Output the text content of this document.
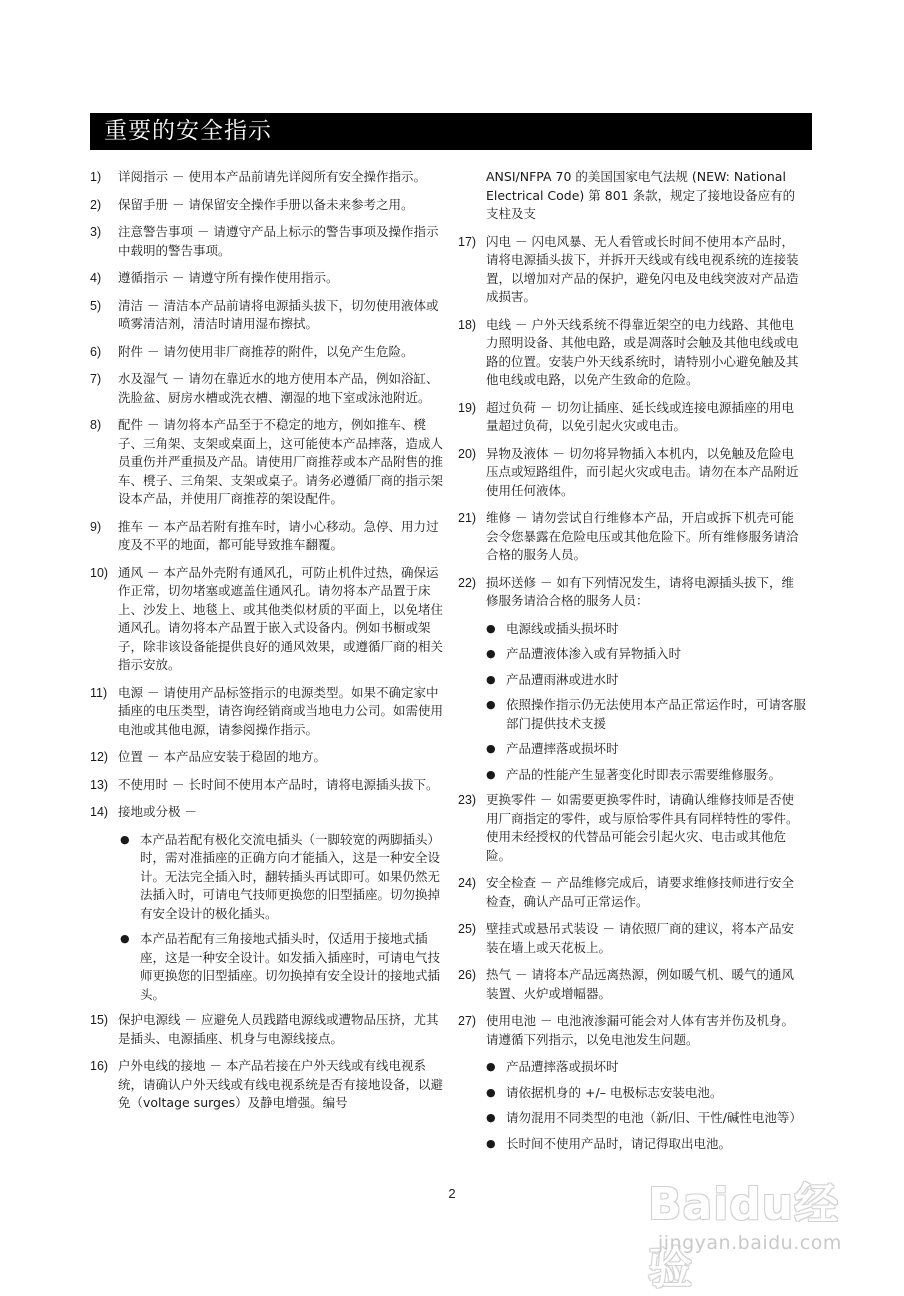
重要的安全指示
1)	详阅指示 － 使用本产品前请先详阅所有安全操作指示。
2)	保留手册 － 请保留安全操作手册以备未来参考之用。
3)	注意警告事项 － 请遵守产品上标示的警告事项及操作指示中载明的警告事项。
4)	遵循指示 － 请遵守所有操作使用指示。
5)	清洁 － 清洁本产品前请将电源插头拔下，切勿使用液体或喷雾清洁剂，清洁时请用湿布擦拭。
6)	附件 － 请勿使用非厂商推荐的附件，以免产生危险。
7)	水及湿气 － 请勿在靠近水的地方使用本产品，例如浴缸、洗脸盆、厨房水槽或洗衣槽、潮湿的地下室或泳池附近。
8)	配件 － 请勿将本产品至于不稳定的地方，例如推车、櫈子、三角架、支架或桌面上，这可能使本产品摔落，造成人员重伤并严重损及产品。请使用厂商推荐或本产品附售的推车、櫈子、三角架、支架或桌子。请务必遵循厂商的指示架设本产品，并使用厂商推荐的架设配件。
9)	推车 － 本产品若附有推车时，请小心移动。急停、用力过度及不平的地面，都可能导致推车翻覆。
10) 通风 － 本产品外壳附有通风孔，可防止机件过热，确保运作正常，切勿堵塞或遮盖住通风孔。请勿将本产品置于床上、沙发上、地毯上、或其他类似材质的平面上，以免堵住通风孔。请勿将本产品置于嵌入式设备内。例如书橱或架子，除非该设备能提供良好的通风效果，或遵循厂商的相关指示安放。
11) 电源 － 请使用产品标签指示的电源类型。如果不确定家中插座的电压类型，请咨询经销商或当地电力公司。如需使用电池或其他电源，请参阅操作指示。
12) 位置 － 本产品应安装于稳固的地方。
13) 不使用时 － 长时间不使用本产品时，请将电源插头拔下。
14) 接地或分极 －
● 本产品若配有极化交流电插头（一脚较宽的两脚插头）时，需对准插座的正确方向才能插入，这是一种安全设计。无法完全插入时，翻转插头再试即可。如果仍然无法插入时，可请电气技师更换您的旧型插座。切勿换掉有安全设计的极化插头。
● 本产品若配有三角接地式插头时，仅适用于接地式插座，这是一种安全设计。如发插入插座时，可请电气技师更换您的旧型插座。切勿换掉有安全设计的接地式插头。
15) 保护电源线 － 应避免人员践踏电源线或遭物品压挤，尤其是插头、电源插座、机身与电源线接点。
16) 户外电线的接地 － 本产品若接在户外天线或有线电视系统，请确认户外天线或有线电视系统是否有接地设备，以避免（voltage surges）及静电增强。编号
ANSI/NFPA 70 的美国国家电气法规 (NEW: National Electrical Code) 第 801 条款，规定了接地设备应有的支柱及支
17) 闪电 － 闪电风暴、无人看管或长时间不使用本产品时，请将电源插头拔下，并拆开天线或有线电视系统的连接装置，以增加对产品的保护，避免闪电及电线突波对产品造成损害。
18) 电线 － 户外天线系统不得靠近架空的电力线路、其他电力照明设备、其他电路，或是凋落时会触及其他电线或电路的位置。安装户外天线系统时，请特别小心避免触及其他电线或电路，以免产生致命的危险。
19) 超过负荷 － 切勿让插座、延长线或连接电源插座的用电量超过负荷，以免引起火灾或电击。
20) 异物及液体 － 切勿将异物插入本机内，以免触及危险电压点或短路组件，而引起火灾或电击。请勿在本产品附近使用任何液体。
21) 维修 － 请勿尝试自行维修本产品，开启或拆下机壳可能会令您暴露在危险电压或其他危险下。所有维修服务请洽合格的服务人员。
22) 损坏送修 － 如有下列情况发生，请将电源插头拔下，维修服务请洽合格的服务人员：
● 电源线或插头损坏时
● 产品遭液体渗入或有异物插入时
● 产品遭雨淋或进水时
● 依照操作指示仍无法使用本产品正常运作时，可请客服部门提供技术支援
● 产品遭摔落或损坏时
● 产品的性能产生显著变化时即表示需要维修服务。
23) 更换零件 － 如需要更换零件时，请确认维修技师是否使用厂商指定的零件，或与原恰零件具有同样特性的零件。使用未经授权的代替品可能会引起火灾、电击或其他危险。
24) 安全检查 － 产品维修完成后，请要求维修技师进行安全检查，确认产品可正常运作。
25) 壁挂式或悬吊式装设 － 请依照厂商的建议，将本产品安装在墙上或天花板上。
26) 热气 － 请将本产品远离热源，例如暖气机、暖气的通风装置、火炉或增幅器。
27) 使用电池 － 电池液渗漏可能会对人体有害并伤及机身。请遵循下列指示，以免电池发生问题。
● 产品遭摔落或损坏时
● 请依据机身的 +/– 电极标志安装电池。
● 请勿混用不同类型的电池（新/旧、干性/碱性电池等）
● 长时间不使用产品时，请记得取出电池。
2	Baidu经验
jingyan.baidu.com
